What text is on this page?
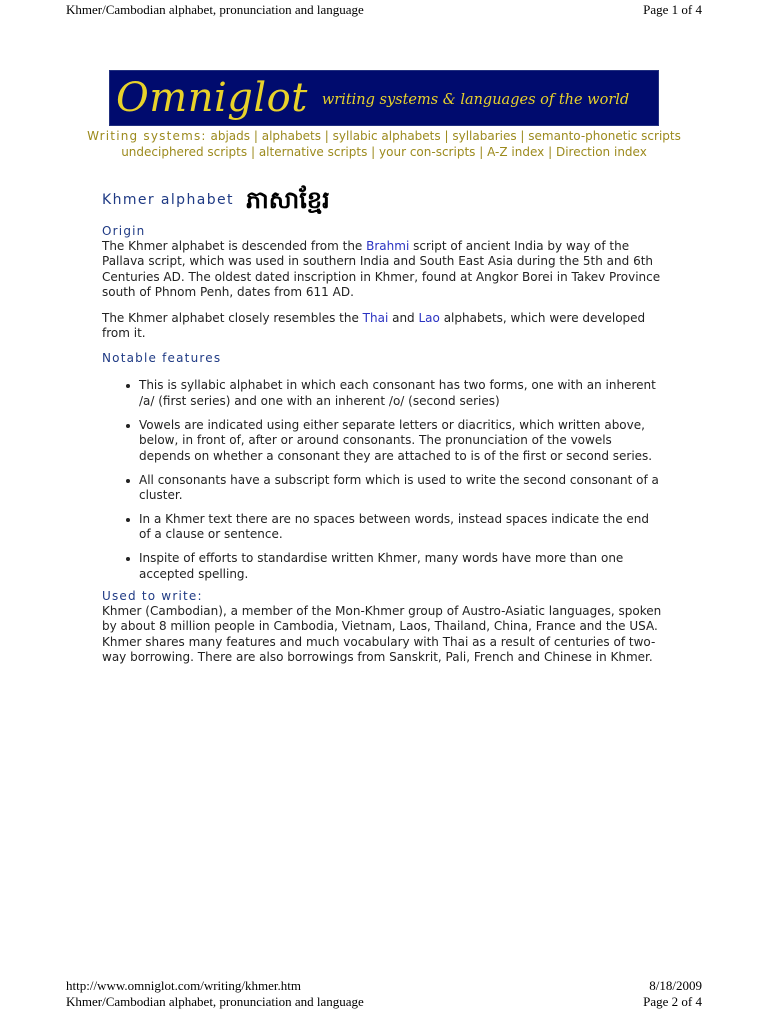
Khmer/Cambodian alphabet, pronunciation and language	Page 1 of 4
Omniglot writing systems & languages of the world
Writing systems: abjads | alphabets | syllabic alphabets | syllabaries | semanto-phonetic scripts
undeciphered scripts | alternative scripts | your con-scripts | A-Z index | Direction index
Khmer alphabet ភាសាខ្មែរ
Origin

The Khmer alphabet is descended from the Brahmi script of ancient India by way of the Pallava script, which was used in southern India and South East Asia during the 5th and 6th Centuries AD. The oldest dated inscription in Khmer, found at Angkor Borei in Takev Province south of Phnom Penh, dates from 611 AD.

The Khmer alphabet closely resembles the Thai and Lao alphabets, which were developed from it.

Notable features
This is syllabic alphabet in which each consonant has two forms, one with an inherent /a/ (first series) and one with an inherent /o/ (second series)
Vowels are indicated using either separate letters or diacritics, which written above, below, in front of, after or around consonants. The pronunciation of the vowels depends on whether a consonant they are attached to is of the first or second series.
All consonants have a subscript form which is used to write the second consonant of a cluster.
In a Khmer text there are no spaces between words, instead spaces indicate the end of a clause or sentence.
Inspite of efforts to standardise written Khmer, many words have more than one accepted spelling.
Used to write:

Khmer (Cambodian), a member of the Mon-Khmer group of Austro-Asiatic languages, spoken by about 8 million people in Cambodia, Vietnam, Laos, Thailand, China, France and the USA. Khmer shares many features and much vocabulary with Thai as a result of centuries of two-way borrowing. There are also borrowings from Sanskrit, Pali, French and Chinese in Khmer.

http://www.omniglot.com/writing/khmer.htm	8/18/2009
Khmer/Cambodian alphabet, pronunciation and language	Page 2 of 4
